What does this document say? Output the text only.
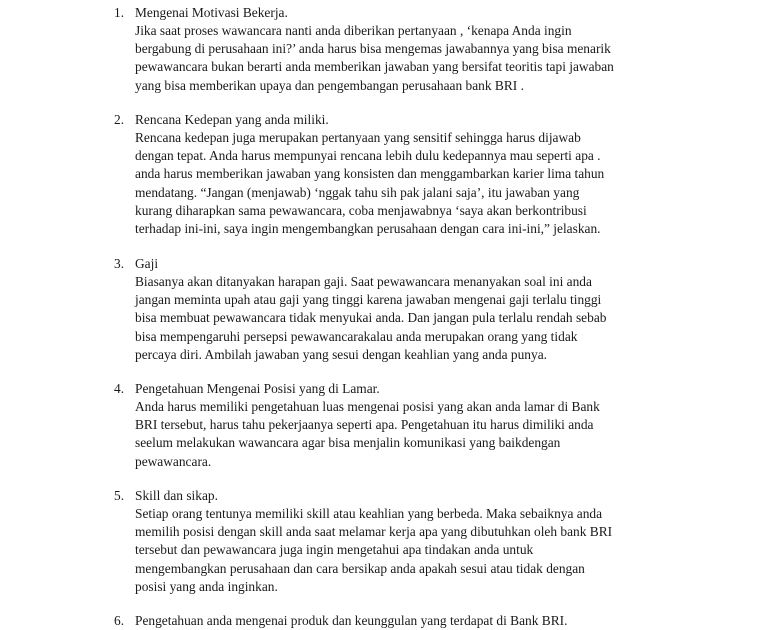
1. Mengenai Motivasi Bekerja.
Jika saat proses wawancara nanti anda diberikan pertanyaan , ‘kenapa Anda ingin
bergabung di perusahaan ini?’ anda harus bisa mengemas jawabannya yang bisa menarik
pewawancara bukan berarti anda memberikan jawaban yang bersifat teoritis tapi jawaban
yang bisa memberikan upaya dan pengembangan perusahaan bank BRI .
2. Rencana Kedepan yang anda miliki.
Rencana kedepan juga merupakan pertanyaan yang sensitif sehingga harus dijawab
dengan tepat. Anda harus mempunyai rencana lebih dulu kedepannya mau seperti apa .
anda harus memberikan jawaban yang konsisten dan menggambarkan karier lima tahun
mendatang. “Jangan (menjawab) ‘nggak tahu sih pak jalani saja’, itu jawaban yang
kurang diharapkan sama pewawancara, coba menjawabnya ‘saya akan berkontribusi
terhadap ini-ini, saya ingin mengembangkan perusahaan dengan cara ini-ini,” jelaskan.
3. Gaji
Biasanya akan ditanyakan harapan gaji. Saat pewawancara menanyakan soal ini anda
jangan meminta upah atau gaji yang tinggi karena jawaban mengenai gaji terlalu tinggi
bisa membuat pewawancara tidak menyukai anda. Dan jangan pula terlalu rendah sebab
bisa mempengaruhi persepsi pewawancarakalau anda merupakan orang yang tidak
percaya diri. Ambilah jawaban yang sesui dengan keahlian yang anda punya.
4. Pengetahuan Mengenai Posisi yang di Lamar.
Anda harus memiliki pengetahuan luas mengenai posisi yang akan anda lamar di Bank
BRI tersebut, harus tahu pekerjaanya seperti apa. Pengetahuan itu harus dimiliki anda
seelum melakukan wawancara agar bisa menjalin komunikasi yang baikdengan
pewawancara.
5. Skill dan sikap.
Setiap orang tentunya memiliki skill atau keahlian yang berbeda. Maka sebaiknya anda
memilih posisi dengan skill anda saat melamar kerja apa yang dibutuhkan oleh bank BRI
tersebut dan pewawancara juga ingin mengetahui apa tindakan anda untuk
mengembangkan perusahaan dan cara bersikap anda apakah sesui atau tidak dengan
posisi yang anda inginkan.
6. Pengetahuan anda mengenai produk dan keunggulan yang terdapat di Bank BRI.
